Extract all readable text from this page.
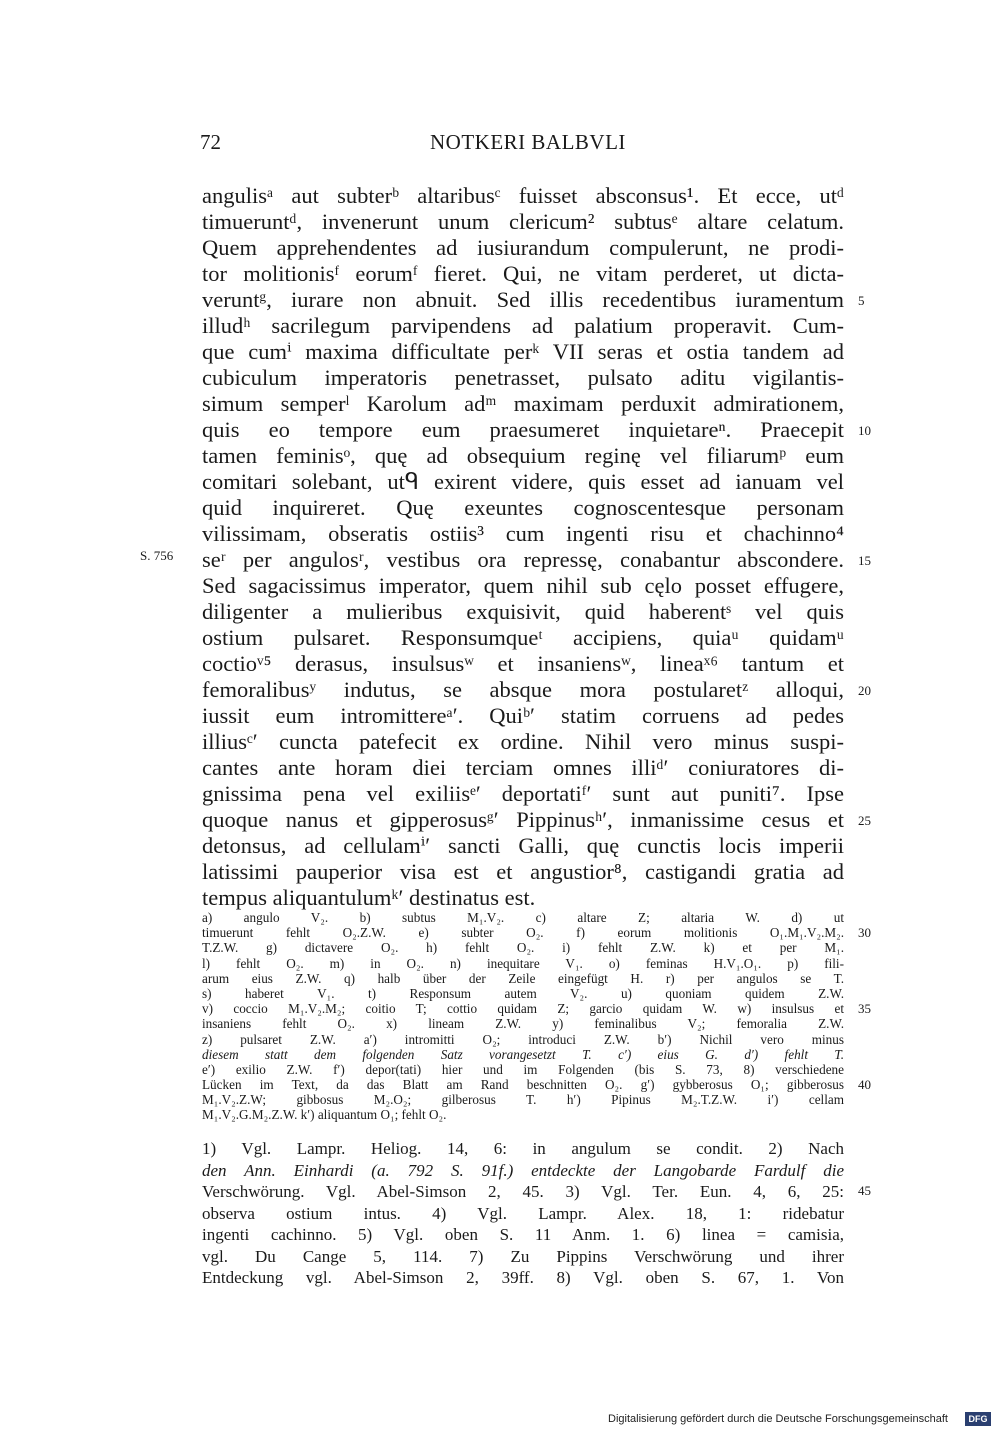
72	NOTKERI BALBVLI
S. 756
angulisᵃ aut subterᵇ altaribusᶜ fuisset absconsus¹. Et ecce, utᵈ
timueruntᵈ, invenerunt unum clericum² subtusᵉ altare celatum.
Quem apprehendentes ad iusiurandum compulerunt, ne prodi-
tor molitionisᶠ eorumᶠ fieret. Qui, ne vitam perderet, ut dicta-
veruntᵍ, iurare non abnuit. Sed illis recedentibus iuramentum
illudʰ sacrilegum parvipendens ad palatium properavit. Cum-
que cumⁱ maxima difficultate perᵏ VII seras et ostia tandem ad
cubiculum imperatoris penetrasset, pulsato aditu vigilantis-
simum semperˡ Karolum adᵐ maximam perduxit admirationem,
quis eo tempore eum praesumeret inquietareⁿ. Praecepit
tamen feminisᵒ, quę ad obsequium reginę vel filiarumᵖ eum
comitari solebant, utᑫ exirent videre, quis esset ad ianuam vel
quid inquireret. Quę exeuntes cognoscentesque personam
vilissimam, obseratis ostiis³ cum ingenti risu et chachinno⁴
seʳ per angulosʳ, vestibus ora repressę, conabantur abscondere.
Sed sagacissimus imperator, quem nihil sub cęlo posset effugere,
diligenter a mulieribus exquisivit, quid haberentˢ vel quis
ostium pulsaret. Responsumqueᵗ accipiens, quiaᵘ quidamᵘ
coctioᵛ⁵ derasus, insulsusʷ et insaniensʷ, lineaˣ⁶ tantum et
femoralibusʸ indutus, se absque mora postularetᶻ alloqui,
iussit eum intromittereᵃ′. Quiᵇ′ statim corruens ad pedes
illiusᶜ′ cuncta patefecit ex ordine. Nihil vero minus suspi-
cantes ante horam diei terciam omnes illiᵈ′ coniuratores di-
gnissima pena vel exiliisᵉ′ deportatiᶠ′ sunt aut puniti⁷. Ipse
quoque nanus et gipperosusᵍ′ Pippinusʰ′, inmanissime cesus et
detonsus, ad cellulamⁱ′ sancti Galli, quę cunctis locis imperii
latissimi pauperior visa est et angustior⁸, castigandi gratia ad
tempus aliquantulumᵏ′ destinatus est.
5
10
15
20
25
a) angulo V₂. b) subtus M₁.V₂. c) altare Z; altaria W. d) ut
timuerunt fehlt O₂.Z.W. e) subter O₂. f) eorum molitionis O₁.M₁.V₂.M₂.
T.Z.W. g) dictavere O₂. h) fehlt O₂. i) fehlt Z.W. k) et per M₁.
l) fehlt O₂. m) in O₂. n) inequitare V₁. o) feminas H.V₁.O₁. p) fili-
arum eius Z.W. q) halb über der Zeile eingefügt H. r) per angulos se T.
s) haberet V₁. t) Responsum autem V₂. u) quoniam quidem Z.W.
v) coccio M₁.V₂.M₂; coitio T; cottio quidam Z; garcio quidam W. w) insulsus et
insaniens fehlt O₂. x) lineam Z.W. y) feminalibus V₂; femoralia Z.W.
z) pulsaret Z.W. a′) intromitti O₂; introduci Z.W. b′) Nichil vero minus
diesem statt dem folgenden Satz vorangesetzt T. c′) eius G. d′) fehlt T.
e′) exilio Z.W. f′) depor(tati) hier und im Folgenden (bis S. 73, 8) verschiedene
Lücken im Text, da das Blatt am Rand beschnitten O₂. g′) gybberosus O₁; gibberosus
M₁.V₂.Z.W; gibbosus M₂.O₂; gilberosus T. h′) Pipinus M₂.T.Z.W. i′) cellam
M₁.V₂.G.M₂.Z.W. k′) aliquantum O₁; fehlt O₂.
30
35
40
1) Vgl. Lampr. Heliog. 14, 6: in angulum se condit. 2) Nach
den Ann. Einhardi (a. 792 S. 91f.) entdeckte der Langobarde Fardulf die
Verschwörung. Vgl. Abel-Simson 2, 45. 3) Vgl. Ter. Eun. 4, 6, 25:
observa ostium intus. 4) Vgl. Lampr. Alex. 18, 1: ridebatur
ingenti cachinno. 5) Vgl. oben S. 11 Anm. 1. 6) linea = camisia,
vgl. Du Cange 5, 114. 7) Zu Pippins Verschwörung und ihrer
Entdeckung vgl. Abel-Simson 2, 39ff. 8) Vgl. oben S. 67, 1. Von
45
Digitalisierung gefördert durch die Deutsche Forschungsgemeinschaft	DFG
